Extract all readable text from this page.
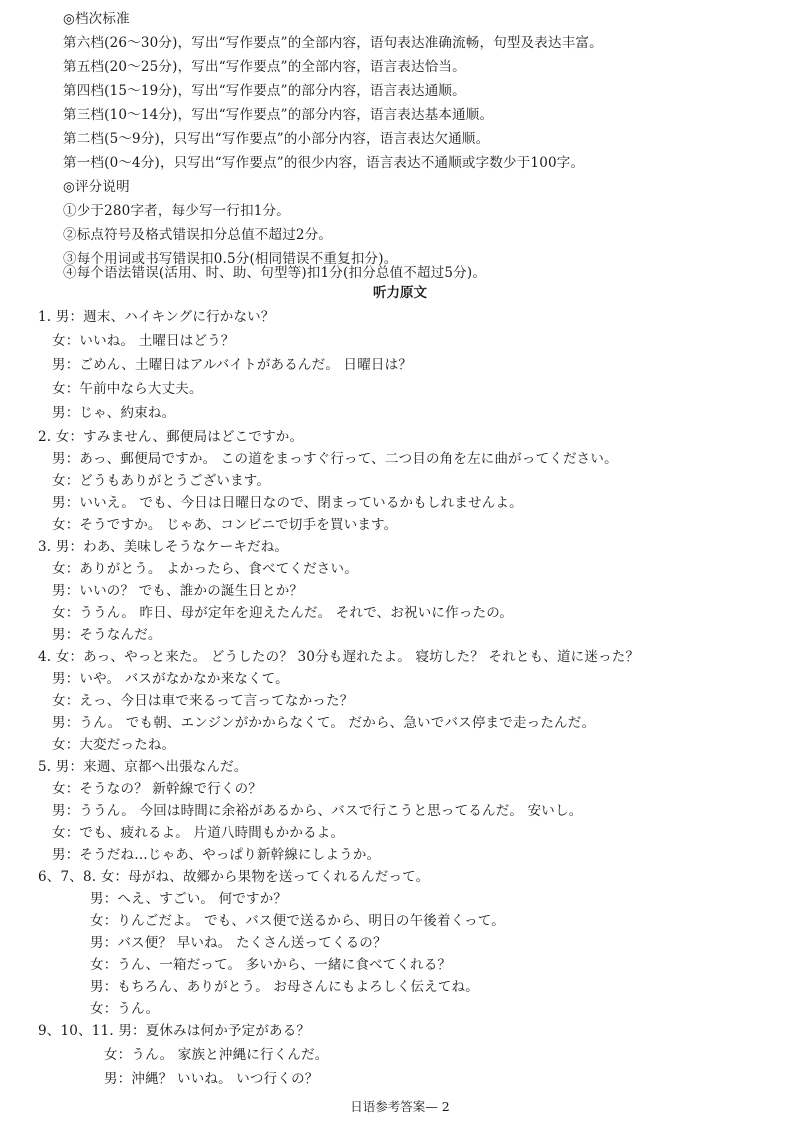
◎档次标准
第六档(26～30分)，写出“写作要点”的全部内容，语句表达准确流畅，句型及表达丰富。
第五档(20～25分)，写出“写作要点”的全部内容，语言表达恰当。
第四档(15～19分)，写出“写作要点”的部分内容，语言表达通顺。
第三档(10～14分)，写出“写作要点”的部分内容，语言表达基本通顺。
第二档(5～9分)，只写出“写作要点”的小部分内容，语言表达欠通顺。
第一档(0～4分)，只写出“写作要点”的很少内容，语言表达不通顺或字数少于100字。
◎评分说明
①少于280字者，每少写一行扣1分。
②标点符号及格式错误扣分总值不超过2分。
③每个用词或书写错误扣0.5分(相同错误不重复扣分)。
④每个语法错误(活用、时、助、句型等)扣1分(扣分总值不超过5分)。
听力原文
1. 男：週末、ハイキングに行かない？
女：いいね。 土曜日はどう？
男：ごめん、土曜日はアルバイトがあるんだ。 日曜日は？
女：午前中なら大丈夫。
男：じゃ、約束ね。
2. 女：すみません、郵便局はどこですか。
男：あっ、郵便局ですか。 この道をまっすぐ行って、二つ目の角を左に曲がってください。
女：どうもありがとうございます。
男：いいえ。 でも、今日は日曜日なので、閉まっているかもしれませんよ。
女：そうですか。 じゃあ、コンビニで切手を買います。
3. 男：わあ、美味しそうなケーキだね。
女：ありがとう。 よかったら、食べてください。
男：いいの？ でも、誰かの誕生日とか？
女：ううん。 昨日、母が定年を迎えたんだ。 それで、お祝いに作ったの。
男：そうなんだ。
4. 女：あっ、やっと来た。 どうしたの？ 30分も遅れたよ。 寝坊した？ それとも、道に迷った？
男：いや。 バスがなかなか来なくて。
女：えっ、今日は車で来るって言ってなかった？
男：うん。 でも朝、エンジンがかからなくて。 だから、急いでバス停まで走ったんだ。
女：大変だったね。
5. 男：来週、京都へ出張なんだ。
女：そうなの？ 新幹線で行くの？
男：ううん。 今回は時間に余裕があるから、バスで行こうと思ってるんだ。 安いし。
女：でも、疲れるよ。 片道八時間もかかるよ。
男：そうだね…じゃあ、やっぱり新幹線にしようか。
6、7、8. 女：母がね、故郷から果物を送ってくれるんだって。
男：へえ、すごい。 何ですか？
女：りんごだよ。 でも、バス便で送るから、明日の午後着くって。
男：バス便？ 早いね。 たくさん送ってくるの？
女：うん、一箱だって。 多いから、一緒に食べてくれる？
男：もちろん、ありがとう。 お母さんにもよろしく伝えてね。
女：うん。
9、10、11. 男：夏休みは何か予定がある？
女：うん。 家族と沖縄に行くんだ。
男：沖縄？ いいね。 いつ行くの？
日语参考答案— 2
